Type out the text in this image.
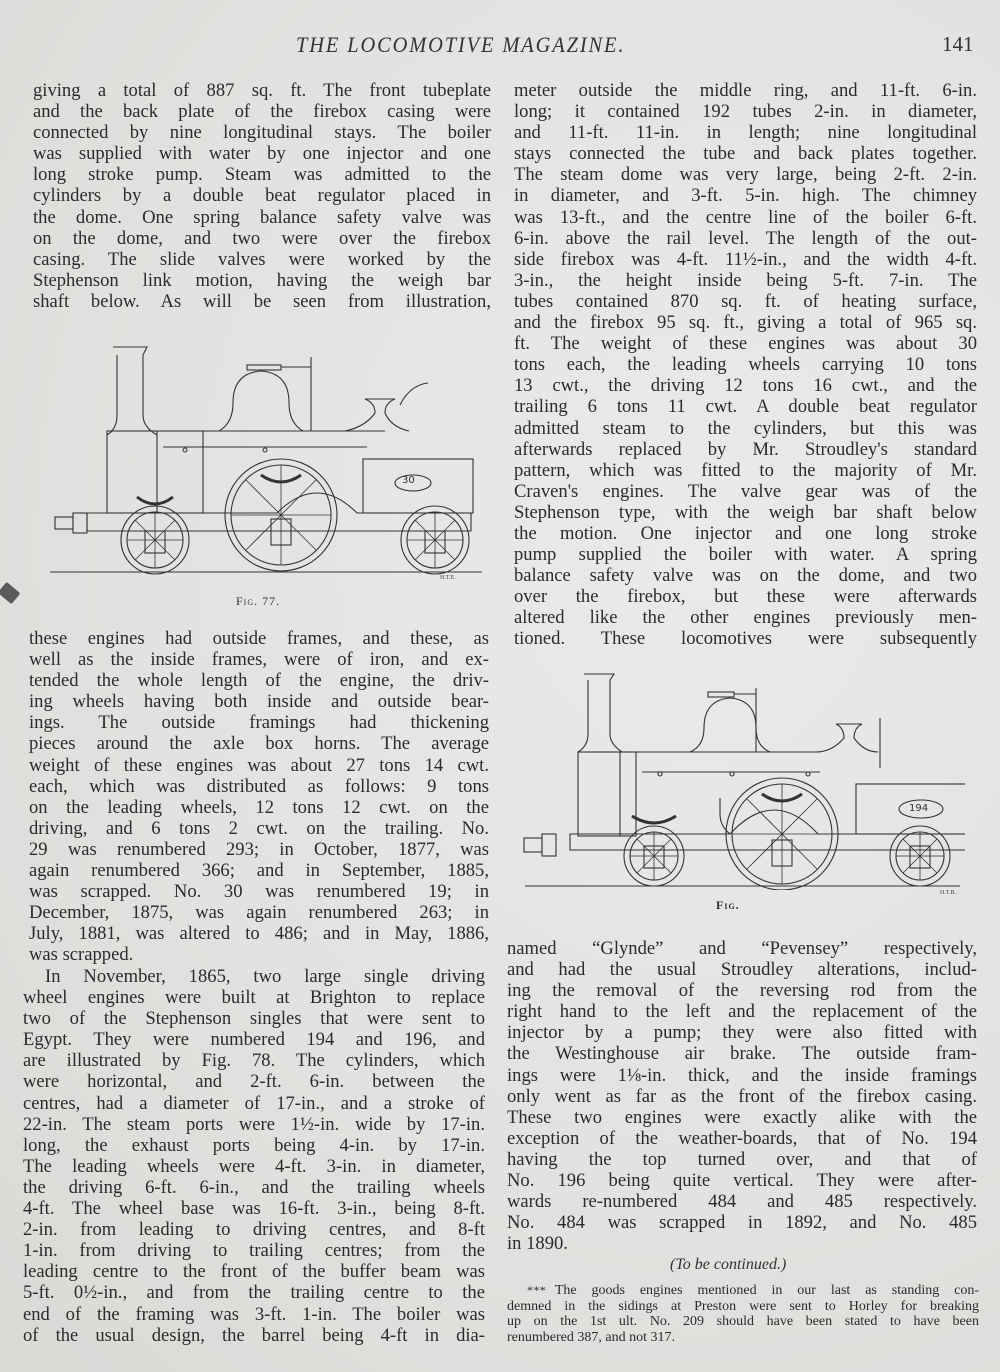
THE LOCOMOTIVE MAGAZINE.	141
giving a total of 887 sq. ft. The front tubeplate
and the back plate of the firebox casing were
connected by nine longitudinal stays. The boiler
was supplied with water by one injector and one
long stroke pump. Steam was admitted to the
cylinders by a double beat regulator placed in
the dome. One spring balance safety valve was
on the dome, and two were over the firebox
casing. The slide valves were worked by the
Stephenson link motion, having the weigh bar
shaft below. As will be seen from illustration,
30
H.T.E.
Fig. 77.
these engines had outside frames, and these, as
well as the inside frames, were of iron, and ex-
tended the whole length of the engine, the driv-
ing wheels having both inside and outside bear-
ings. The outside framings had thickening
pieces around the axle box horns. The average
weight of these engines was about 27 tons 14 cwt.
each, which was distributed as follows: 9 tons
on the leading wheels, 12 tons 12 cwt. on the
driving, and 6 tons 2 cwt. on the trailing. No.
29 was renumbered 293; in October, 1877, was
again renumbered 366; and in September, 1885,
was scrapped. No. 30 was renumbered 19; in
December, 1875, was again renumbered 263; in
July, 1881, was altered to 486; and in May, 1886,
was scrapped.
In November, 1865, two large single driving
wheel engines were built at Brighton to replace
two of the Stephenson singles that were sent to
Egypt. They were numbered 194 and 196, and
are illustrated by Fig. 78. The cylinders, which
were horizontal, and 2-ft. 6-in. between the
centres, had a diameter of 17-in., and a stroke of
22-in. The steam ports were 1½-in. wide by 17-in.
long, the exhaust ports being 4-in. by 17-in.
The leading wheels were 4-ft. 3-in. in diameter,
the driving 6-ft. 6-in., and the trailing wheels
4-ft. The wheel base was 16-ft. 3-in., being 8-ft.
2-in. from leading to driving centres, and 8-ft
1-in. from driving to trailing centres; from the
leading centre to the front of the buffer beam was
5-ft. 0½-in., and from the trailing centre to the
end of the framing was 3-ft. 1-in. The boiler was
of the usual design, the barrel being 4-ft in dia-
meter outside the middle ring, and 11-ft. 6-in.
long; it contained 192 tubes 2-in. in diameter,
and 11-ft. 11-in. in length; nine longitudinal
stays connected the tube and back plates together.
The steam dome was very large, being 2-ft. 2-in.
in diameter, and 3-ft. 5-in. high. The chimney
was 13-ft., and the centre line of the boiler 6-ft.
6-in. above the rail level. The length of the out-
side firebox was 4-ft. 11½-in., and the width 4-ft.
3-in., the height inside being 5-ft. 7-in. The
tubes contained 870 sq. ft. of heating surface,
and the firebox 95 sq. ft., giving a total of 965 sq.
ft. The weight of these engines was about 30
tons each, the leading wheels carrying 10 tons
13 cwt., the driving 12 tons 16 cwt., and the
trailing 6 tons 11 cwt. A double beat regulator
admitted steam to the cylinders, but this was
afterwards replaced by Mr. Stroudley's standard
pattern, which was fitted to the majority of Mr.
Craven's engines. The valve gear was of the
Stephenson type, with the weigh bar shaft below
the motion. One injector and one long stroke
pump supplied the boiler with water. A spring
balance safety valve was on the dome, and two
over the firebox, but these were afterwards
altered like the other engines previously men-
tioned. These locomotives were subsequently
194
H.T.B.
Fig.
named “Glynde” and “Pevensey” respectively,
and had the usual Stroudley alterations, includ-
ing the removal of the reversing rod from the
right hand to the left and the replacement of the
injector by a pump; they were also fitted with
the Westinghouse air brake. The outside fram-
ings were 1⅛-in. thick, and the inside framings
only went as far as the front of the firebox casing.
These two engines were exactly alike with the
exception of the weather-boards, that of No. 194
having the top turned over, and that of
No. 196 being quite vertical. They were after-
wards re-numbered 484 and 485 respectively.
No. 484 was scrapped in 1892, and No. 485
in 1890.
(To be continued.)
* * * The goods engines mentioned in our last as standing con-
demned in the sidings at Preston were sent to Horley for breaking
up on the 1st ult. No. 209 should have been stated to have been
renumbered 387, and not 317.
